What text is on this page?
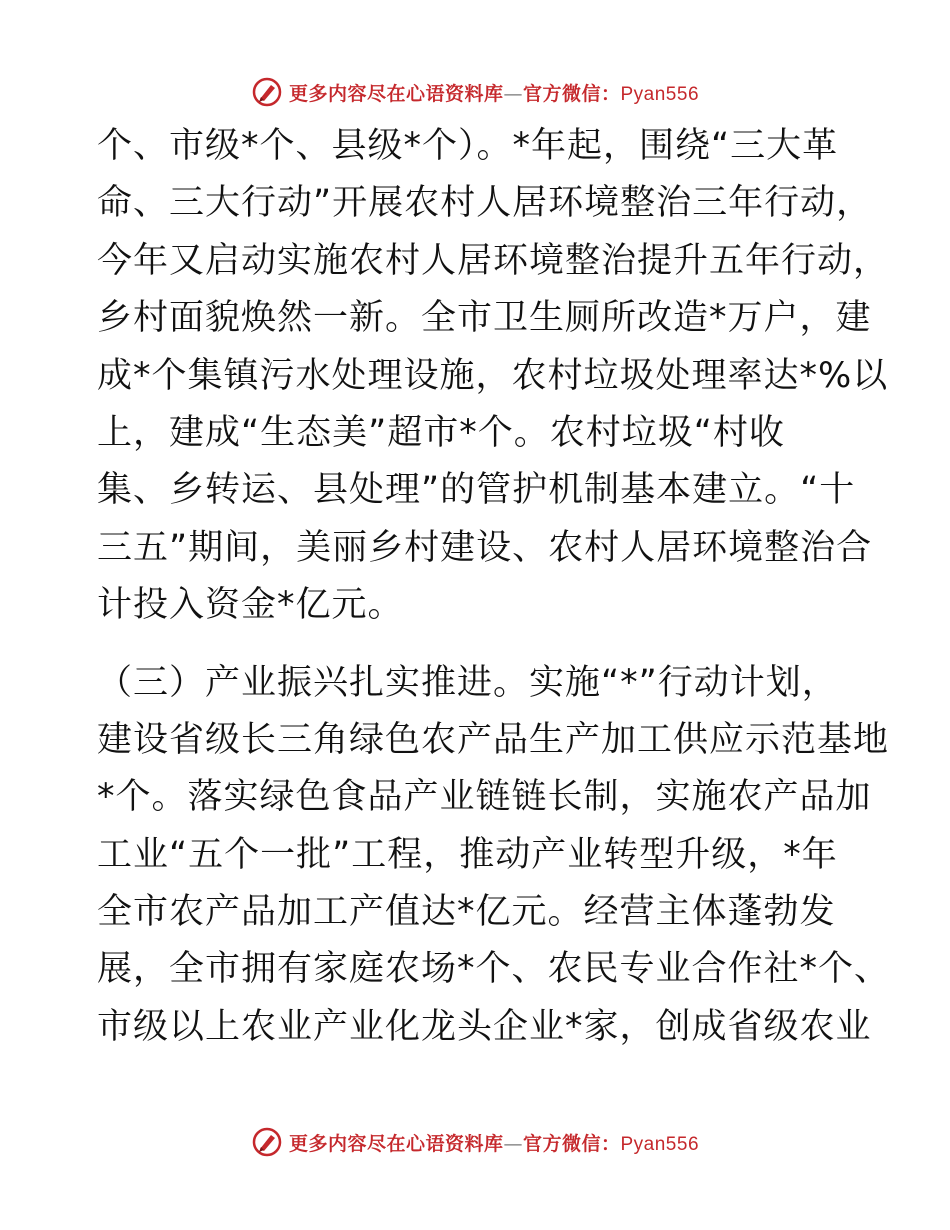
更多内容尽在心语资料库—官方微信：Pyan556
个、市级*个、县级*个）。*年起，围绕“三大革
命、三大行动”开展农村人居环境整治三年行动，
今年又启动实施农村人居环境整治提升五年行动，
乡村面貌焕然一新。全市卫生厕所改造*万户，建
成*个集镇污水处理设施，农村垃圾处理率达*%以
上，建成“生态美”超市*个。农村垃圾“村收
集、乡转运、县处理”的管护机制基本建立。“十
三五”期间，美丽乡村建设、农村人居环境整治合
计投入资金*亿元。
（三）产业振兴扎实推进。实施“*”行动计划，
建设省级长三角绿色农产品生产加工供应示范基地
*个。落实绿色食品产业链链长制，实施农产品加
工业“五个一批”工程，推动产业转型升级，*年
全市农产品加工产值达*亿元。经营主体蓬勃发
展，全市拥有家庭农场*个、农民专业合作社*个、
市级以上农业产业化龙头企业*家，创成省级农业
更多内容尽在心语资料库—官方微信：Pyan556
